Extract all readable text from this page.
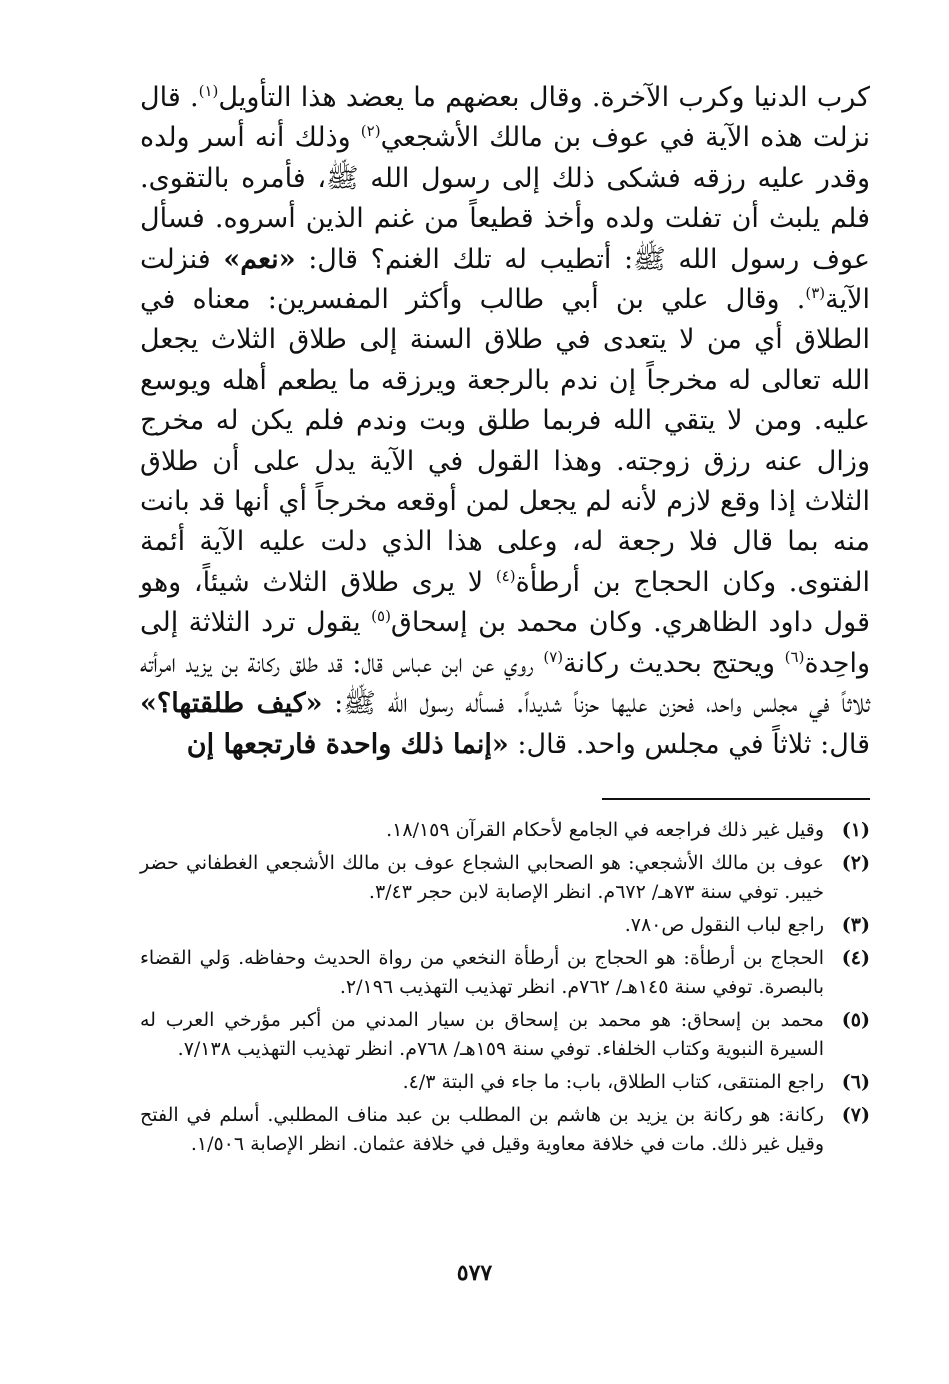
كرب الدنيا وكرب الآخرة. وقال بعضهم ما يعضد هذا التأويل$^{(١)}$. قال نزلت هذه الآية في عوف بن مالك الأشجعي$^{(٢)}$ وذلك أنه أسر ولده وقدر عليه رزقه فشكى ذلك إلى رسول الله ﷺ، فأمره بالتقوى. فلم يلبث أن تفلت ولده وأخذ قطيعاً من غنم الذين أسروه. فسأل عوف رسول الله ﷺ: أتطيب له تلك الغنم؟ قال: «نعم» فنزلت الآية$^{(٣)}$. وقال علي بن أبي طالب وأكثر المفسرين: معناه في الطلاق أي من لا يتعدى في طلاق السنة إلى طلاق الثلاث يجعل الله تعالى له مخرجاً إن ندم بالرجعة ويرزقه ما يطعم أهله ويوسع عليه. ومن لا يتقي الله فربما طلق وبت وندم فلم يكن له مخرج وزال عنه رزق زوجته. وهذا القول في الآية يدل على أن طلاق الثلاث إذا وقع لازم لأنه لم يجعل لمن أوقعه مخرجاً أي أنها قد بانت منه بما قال فلا رجعة له، وعلى هذا الذي دلت عليه الآية أئمة الفتوى. وكان الحجاج بن أرطأة$^{(٤)}$ لا يرى طلاق الثلاث شيئاً، وهو قول داود الظاهري. وكان محمد بن إسحاق$^{(٥)}$ يقول ترد الثلاثة إلى واحِدة$^{(٦)}$ ويحتج بحديث ركانة$^{(٧)}$ روي عن ابن عباس قال: قد طلق ركانة بن يزيد امرأته ثلاثاً في مجلس واحد، فحزن عليها حزناً شديداً. فسأله رسول الله ﷺ: «كيف طلقتها؟» قال: ثلاثاً في مجلس واحد. قال: «إنما ذلك واحدة فارتجعها إن

(١)
وقيل غير ذلك فراجعه في الجامع لأحكام القرآن ١٨/١٥٩.
(٢)
عوف بن مالك الأشجعي: هو الصحابي الشجاع عوف بن مالك الأشجعي الغطفاني حضر خيبر. توفي سنة ٧٣هـ/ ٦٧٢م. انظر الإصابة لابن حجر ٣/٤٣.
(٣)
راجع لباب النقول ص٧٨٠.
(٤)
الحجاج بن أرطأة: هو الحجاج بن أرطأة النخعي من رواة الحديث وحفاظه. وَلي القضاء بالبصرة. توفي سنة ١٤٥هـ/ ٧٦٢م. انظر تهذيب التهذيب ٢/١٩٦.
(٥)
محمد بن إسحاق: هو محمد بن إسحاق بن سيار المدني من أكبر مؤرخي العرب له السيرة النبوية وكتاب الخلفاء. توفي سنة ١٥٩هـ/ ٧٦٨م. انظر تهذيب التهذيب ٧/١٣٨.
(٦)
راجع المنتقى، كتاب الطلاق، باب: ما جاء في البتة ٤/٣.
(٧)
ركانة: هو ركانة بن يزيد بن هاشم بن المطلب بن عبد مناف المطلبي. أسلم في الفتح وقيل غير ذلك. مات في خلافة معاوية وقيل في خلافة عثمان. انظر الإصابة ١/٥٠٦.
٥٧٧
